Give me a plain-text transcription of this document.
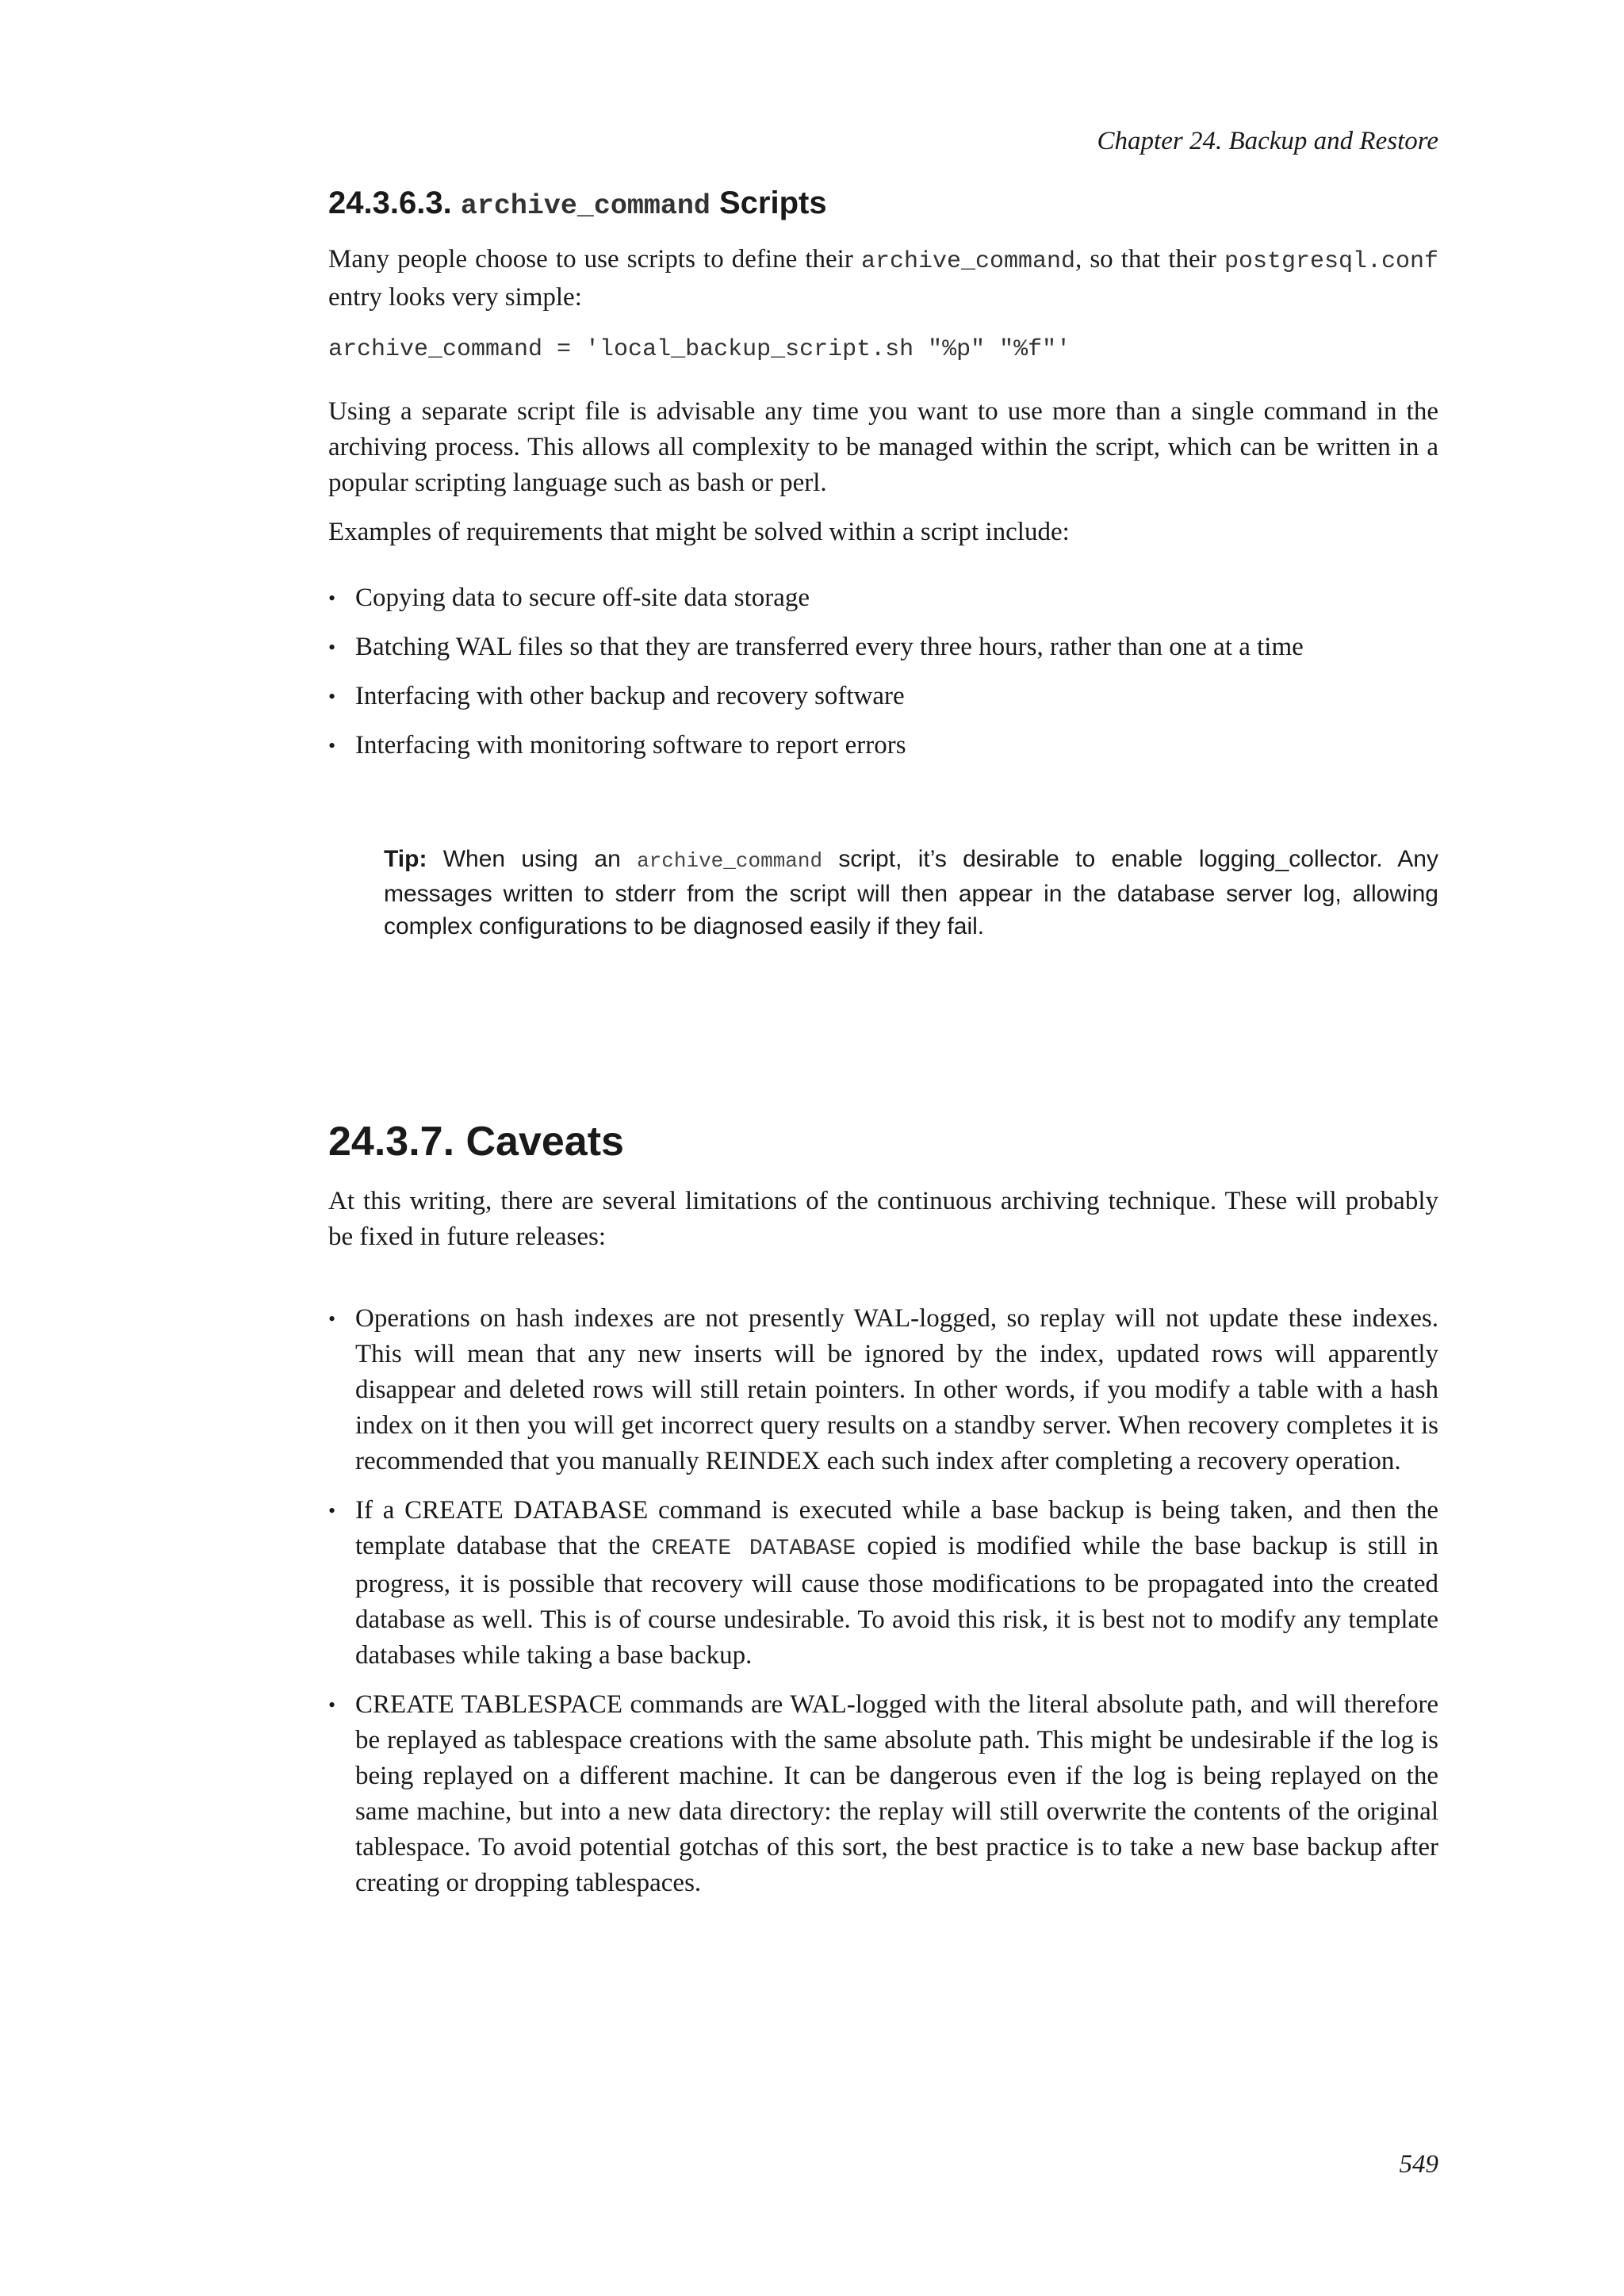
Chapter 24. Backup and Restore
24.3.6.3. archive_command Scripts

Many people choose to use scripts to define their archive_command, so that their postgresql.conf entry looks very simple:

archive_command = 'local_backup_script.sh "%p" "%f"'

Using a separate script file is advisable any time you want to use more than a single command in the archiving process. This allows all complexity to be managed within the script, which can be written in a popular scripting language such as bash or perl.

Examples of requirements that might be solved within a script include:

• Copying data to secure off-site data storage
• Batching WAL files so that they are transferred every three hours, rather than one at a time
• Interfacing with other backup and recovery software
• Interfacing with monitoring software to report errors
Tip: When using an archive_command script, it’s desirable to enable logging_collector. Any messages written to stderr from the script will then appear in the database server log, allowing complex configurations to be diagnosed easily if they fail.
24.3.7. Caveats

At this writing, there are several limitations of the continuous archiving technique. These will probably be fixed in future releases:

• Operations on hash indexes are not presently WAL-logged, so replay will not update these indexes. This will mean that any new inserts will be ignored by the index, updated rows will apparently disappear and deleted rows will still retain pointers. In other words, if you modify a table with a hash index on it then you will get incorrect query results on a standby server. When recovery completes it is recommended that you manually REINDEX each such index after completing a recovery operation.
• If a CREATE DATABASE command is executed while a base backup is being taken, and then the template database that the CREATE DATABASE copied is modified while the base backup is still in progress, it is possible that recovery will cause those modifications to be propagated into the created database as well. This is of course undesirable. To avoid this risk, it is best not to modify any template databases while taking a base backup.
• CREATE TABLESPACE commands are WAL-logged with the literal absolute path, and will therefore be replayed as tablespace creations with the same absolute path. This might be undesirable if the log is being replayed on a different machine. It can be dangerous even if the log is being replayed on the same machine, but into a new data directory: the replay will still overwrite the contents of the original tablespace. To avoid potential gotchas of this sort, the best practice is to take a new base backup after creating or dropping tablespaces.
549
